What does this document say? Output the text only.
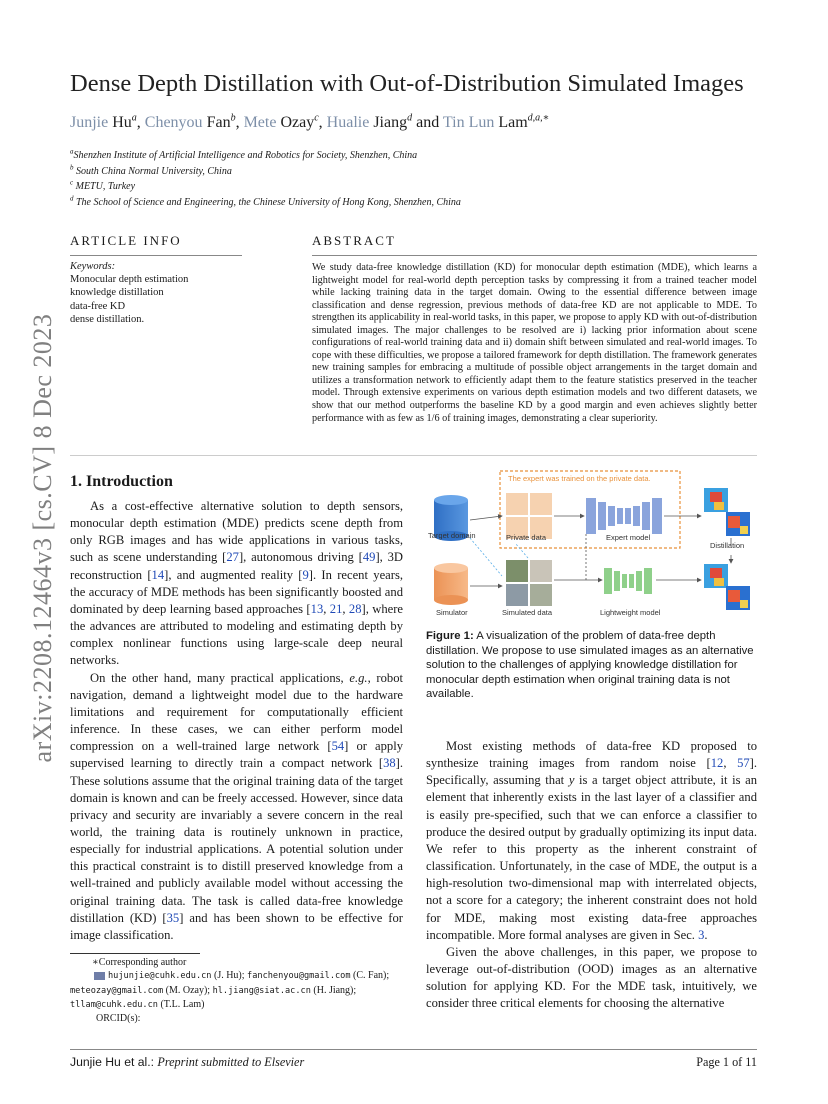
arXiv:2208.12464v3 [cs.CV] 8 Dec 2023
Dense Depth Distillation with Out-of-Distribution Simulated Images
Junjie Hu$^a$, Chenyou Fan$^b$, Mete Ozay$^c$, Hualie Jiang$^d$ and Tin Lun Lam$^{d,a,∗}$
$^a$Shenzhen Institute of Artificial Intelligence and Robotics for Society, Shenzhen, China
$^b$ South China Normal University, China
$^c$ METU, Turkey
$^d$ The School of Science and Engineering, the Chinese University of Hong Kong, Shenzhen, China
ARTICLE INFO	ABSTRACT
Keywords:
Monocular depth estimation
knowledge distillation
data-free KD
dense distillation.
We study data-free knowledge distillation (KD) for monocular depth estimation (MDE), which learns a lightweight model for real-world depth perception tasks by compressing it from a trained teacher model while lacking training data in the target domain. Owing to the essential difference between image classification and dense regression, previous methods of data-free KD are not applicable to MDE. To strengthen its applicability in real-world tasks, in this paper, we propose to apply KD with out-of-distribution simulated images. The major challenges to be resolved are i) lacking prior information about scene configurations of real-world training data and ii) domain shift between simulated and real-world images. To cope with these difficulties, we propose a tailored framework for depth distillation. The framework generates new training samples for embracing a multitude of possible object arrangements in the target domain and utilizes a transformation network to efficiently adapt them to the feature statistics preserved in the teacher model. Through extensive experiments on various depth estimation models and two different datasets, we show that our method outperforms the baseline KD by a good margin and even achieves slightly better performance with as few as 1/6 of training images, demonstrating a clear superiority.
1. Introduction

As a cost-effective alternative solution to depth sensors, monocular depth estimation (MDE) predicts scene depth from only RGB images and has wide applications in various tasks, such as scene understanding [27], autonomous driving [49], 3D reconstruction [14], and augmented reality [9]. In recent years, the accuracy of MDE methods has been significantly boosted and dominated by deep learning based approaches [13, 21, 28], where the advances are attributed to modeling and estimating depth by complex nonlinear functions using large-scale deep neural networks.

On the other hand, many practical applications, e.g., robot navigation, demand a lightweight model due to the hardware limitations and requirement for computationally efficient inference. In these cases, we can either perform model compression on a well-trained large network [54] or apply supervised learning to directly train a compact network [38]. These solutions assume that the original training data of the target domain is known and can be freely accessed. However, since data privacy and security are invariably a severe concern in the real world, the training data is routinely unknown in practice, especially for industrial applications. A potential solution under this practical constraint is to distill preserved knowledge from a well-trained and publicly available model without accessing the original training data. The task is called data-free knowledge distillation (KD) [35] and has been shown to be effective for image classification.

The expert was trained on the private data.
Target domain	Private data	Expert model
Distillation
Simulator	Simulated data	Lightweight model
Figure 1: A visualization of the problem of data-free depth distillation. We propose to use simulated images as an alternative solution to the challenges of applying knowledge distillation for monocular depth estimation when original training data is not available.

Most existing methods of data-free KD proposed to synthesize training images from random noise [12, 57]. Specifically, assuming that y is a target object attribute, it is an element that inherently exists in the last layer of a classifier and is easily pre-specified, such that we can enforce a classifier to produce the desired output by gradually optimizing its input data. We refer to this property as the inherent constraint of classification. Unfortunately, in the case of MDE, the output is a high-resolution two-dimensional map with interrelated objects, not a score for a category; the inherent constraint does not hold for MDE, making most existing data-free approaches incompatible. More formal analyses are given in Sec. 3.

Given the above challenges, in this paper, we propose to leverage out-of-distribution (OOD) images as an alternative solution for applying KD. For the MDE task, intuitively, we consider three critical elements for choosing the alternative

∗Corresponding author
hujunjie@cuhk.edu.cn (J. Hu); fanchenyou@gmail.com (C. Fan);
meteozay@gmail.com (M. Ozay); hl.jiang@siat.ac.cn (H. Jiang);
tllam@cuhk.edu.cn (T.L. Lam)
ORCID(s):
Junjie Hu et al.: Preprint submitted to Elsevier	Page 1 of 11
